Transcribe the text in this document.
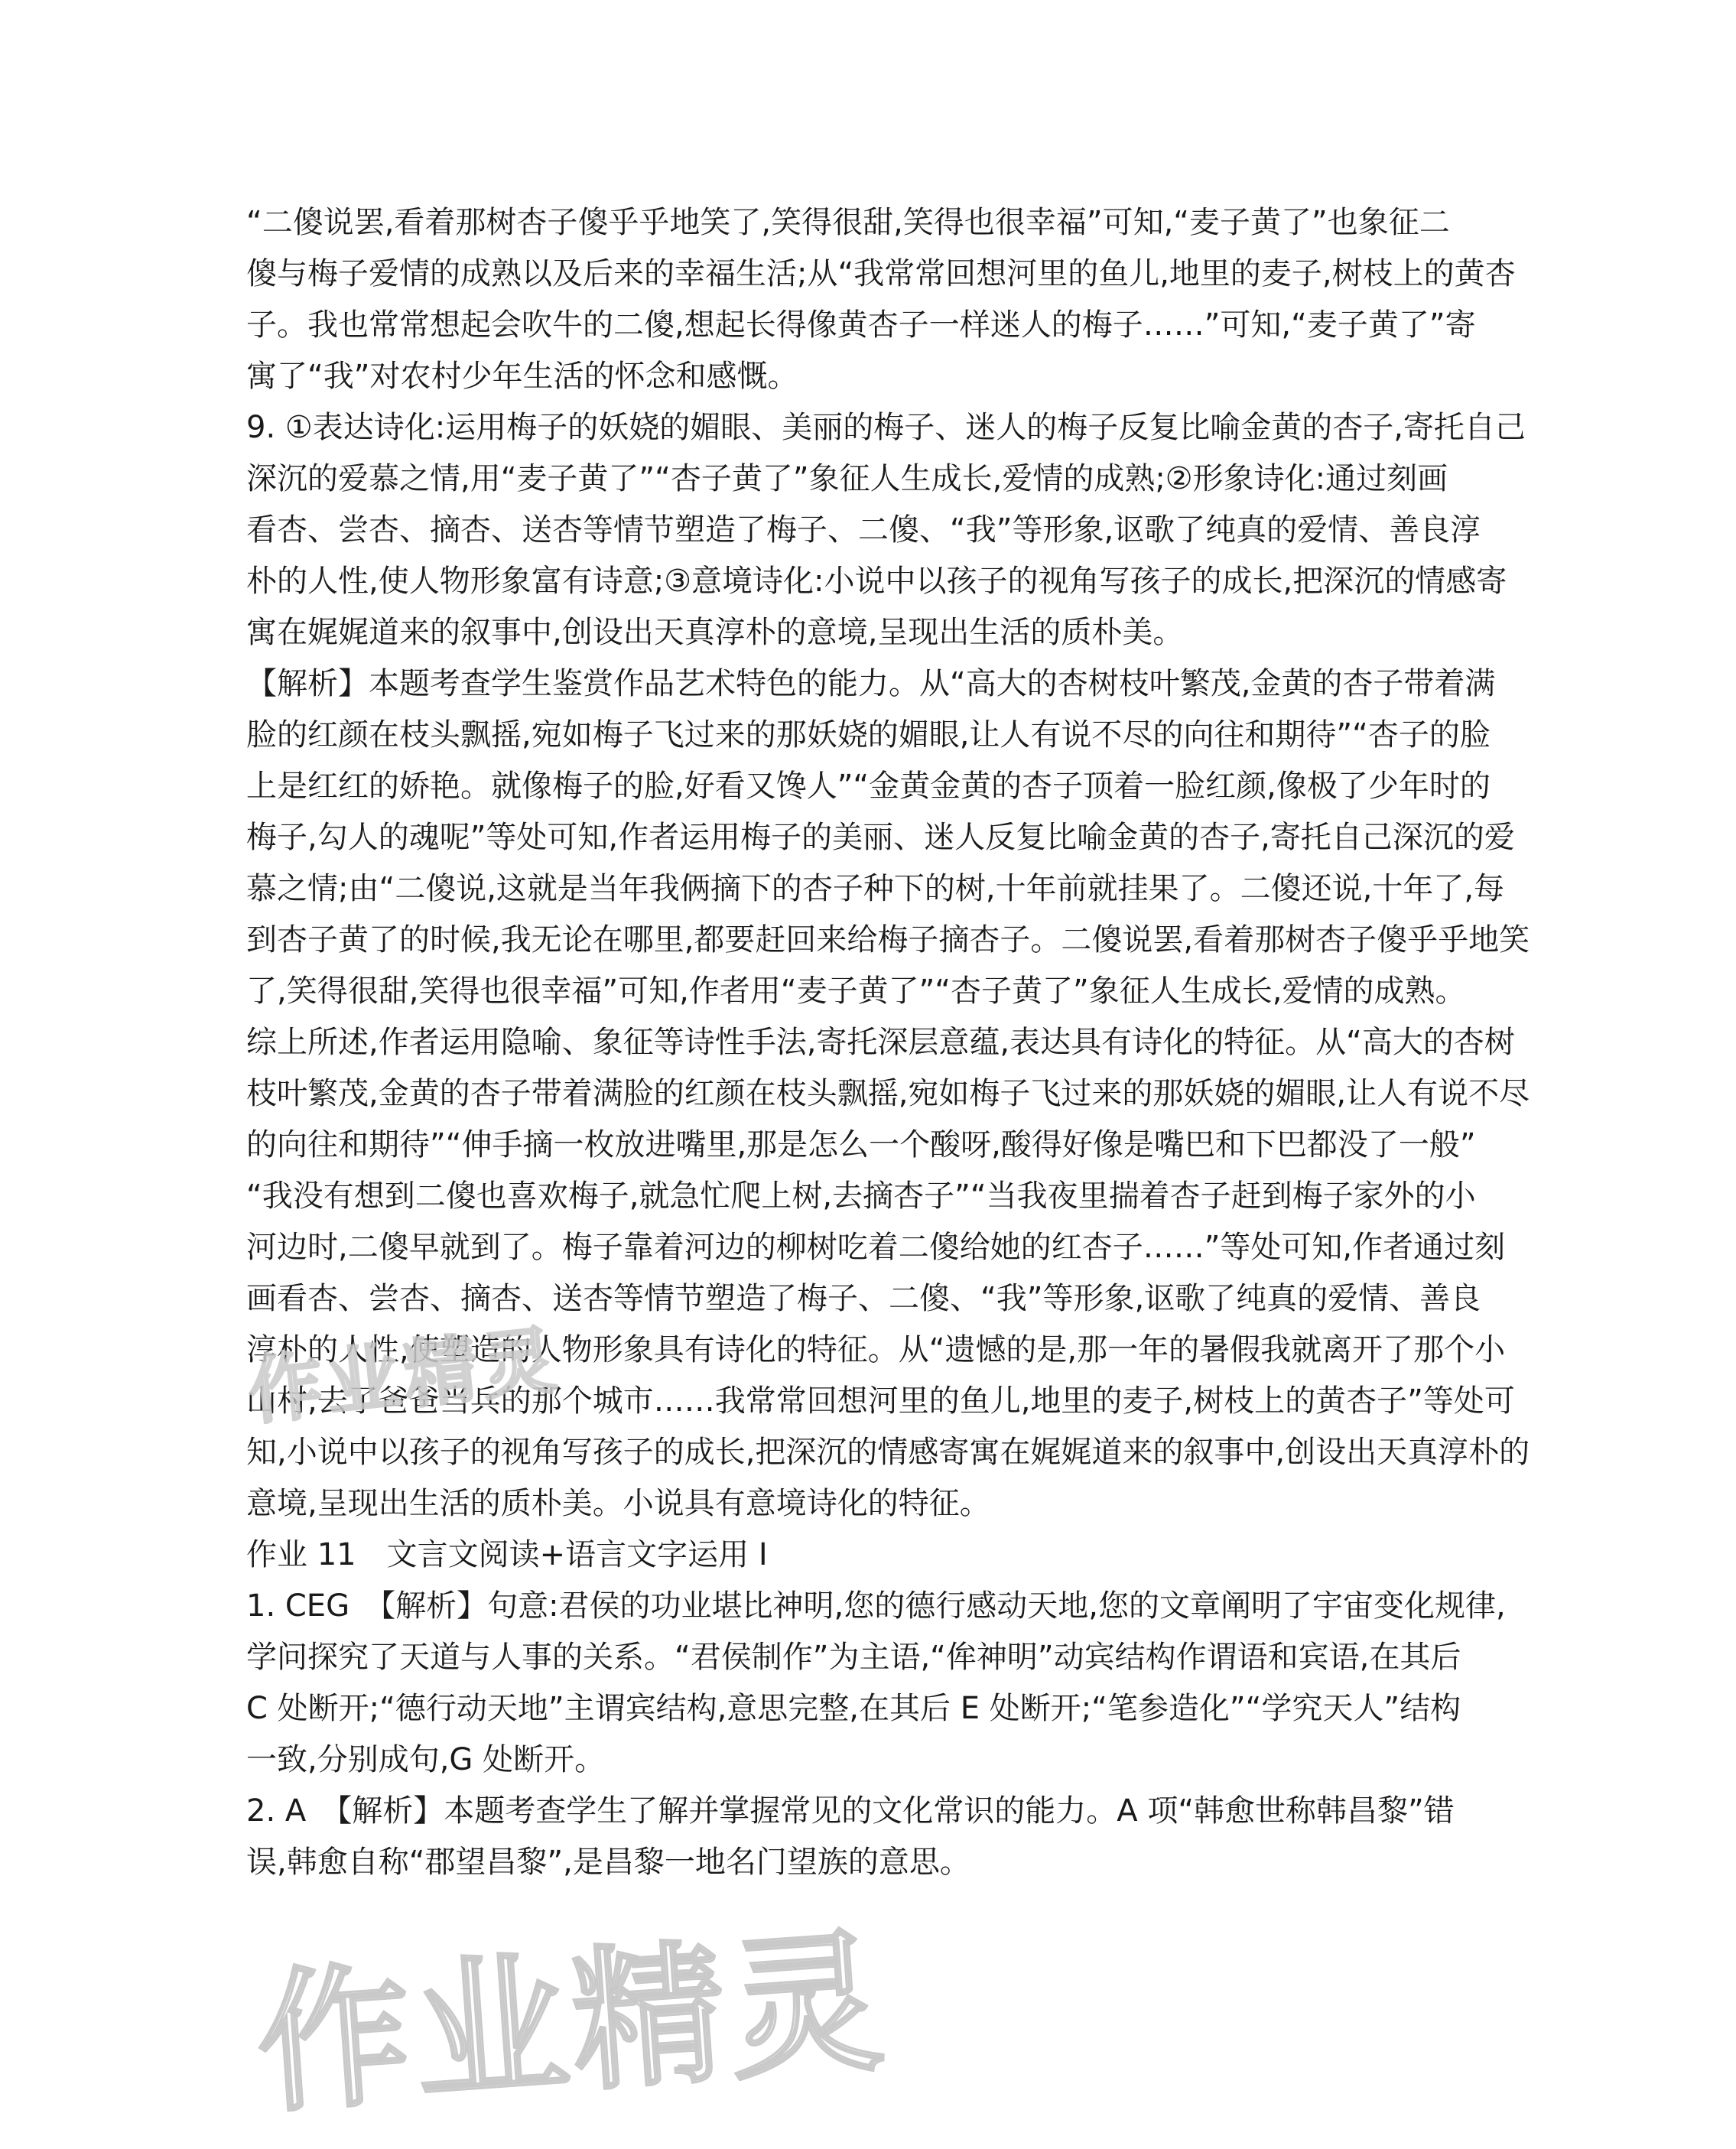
“二傻说罢,看着那树杏子傻乎乎地笑了,笑得很甜,笑得也很幸福”可知,“麦子黄了”也象征二
傻与梅子爱情的成熟以及后来的幸福生活;从“我常常回想河里的鱼儿,地里的麦子,树枝上的黄杏
子。我也常常想起会吹牛的二傻,想起长得像黄杏子一样迷人的梅子……”可知,“麦子黄了”寄
寓了“我”对农村少年生活的怀念和感慨。
9. ①表达诗化:运用梅子的妖娆的媚眼、美丽的梅子、迷人的梅子反复比喻金黄的杏子,寄托自己
深沉的爱慕之情,用“麦子黄了”“杏子黄了”象征人生成长,爱情的成熟;②形象诗化:通过刻画
看杏、尝杏、摘杏、送杏等情节塑造了梅子、二傻、“我”等形象,讴歌了纯真的爱情、善良淳
朴的人性,使人物形象富有诗意;③意境诗化:小说中以孩子的视角写孩子的成长,把深沉的情感寄
寓在娓娓道来的叙事中,创设出天真淳朴的意境,呈现出生活的质朴美。
【解析】本题考查学生鉴赏作品艺术特色的能力。从“高大的杏树枝叶繁茂,金黄的杏子带着满
脸的红颜在枝头飘摇,宛如梅子飞过来的那妖娆的媚眼,让人有说不尽的向往和期待”“杏子的脸
上是红红的娇艳。就像梅子的脸,好看又馋人”“金黄金黄的杏子顶着一脸红颜,像极了少年时的
梅子,勾人的魂呢”等处可知,作者运用梅子的美丽、迷人反复比喻金黄的杏子,寄托自己深沉的爱
慕之情;由“二傻说,这就是当年我俩摘下的杏子种下的树,十年前就挂果了。二傻还说,十年了,每
到杏子黄了的时候,我无论在哪里,都要赶回来给梅子摘杏子。二傻说罢,看着那树杏子傻乎乎地笑
了,笑得很甜,笑得也很幸福”可知,作者用“麦子黄了”“杏子黄了”象征人生成长,爱情的成熟。
综上所述,作者运用隐喻、象征等诗性手法,寄托深层意蕴,表达具有诗化的特征。从“高大的杏树
枝叶繁茂,金黄的杏子带着满脸的红颜在枝头飘摇,宛如梅子飞过来的那妖娆的媚眼,让人有说不尽
的向往和期待”“伸手摘一枚放进嘴里,那是怎么一个酸呀,酸得好像是嘴巴和下巴都没了一般”
“我没有想到二傻也喜欢梅子,就急忙爬上树,去摘杏子”“当我夜里揣着杏子赶到梅子家外的小
河边时,二傻早就到了。梅子靠着河边的柳树吃着二傻给她的红杏子……”等处可知,作者通过刻
画看杏、尝杏、摘杏、送杏等情节塑造了梅子、二傻、“我”等形象,讴歌了纯真的爱情、善良
淳朴的人性,使塑造的人物形象具有诗化的特征。从“遗憾的是,那一年的暑假我就离开了那个小
山村,去了爸爸当兵的那个城市……我常常回想河里的鱼儿,地里的麦子,树枝上的黄杏子”等处可
知,小说中以孩子的视角写孩子的成长,把深沉的情感寄寓在娓娓道来的叙事中,创设出天真淳朴的
意境,呈现出生活的质朴美。小说具有意境诗化的特征。
作业 11　文言文阅读+语言文字运用 I
1. CEG　【解析】句意:君侯的功业堪比神明,您的德行感动天地,您的文章阐明了宇宙变化规律,
学问探究了天道与人事的关系。“君侯制作”为主语,“侔神明”动宾结构作谓语和宾语,在其后
C 处断开;“德行动天地”主谓宾结构,意思完整,在其后 E 处断开;“笔参造化”“学究天人”结构
一致,分别成句,G 处断开。
2. A　【解析】本题考查学生了解并掌握常见的文化常识的能力。A 项“韩愈世称韩昌黎”错
误,韩愈自称“郡望昌黎”,是昌黎一地名门望族的意思。
作业精灵
作业精灵
